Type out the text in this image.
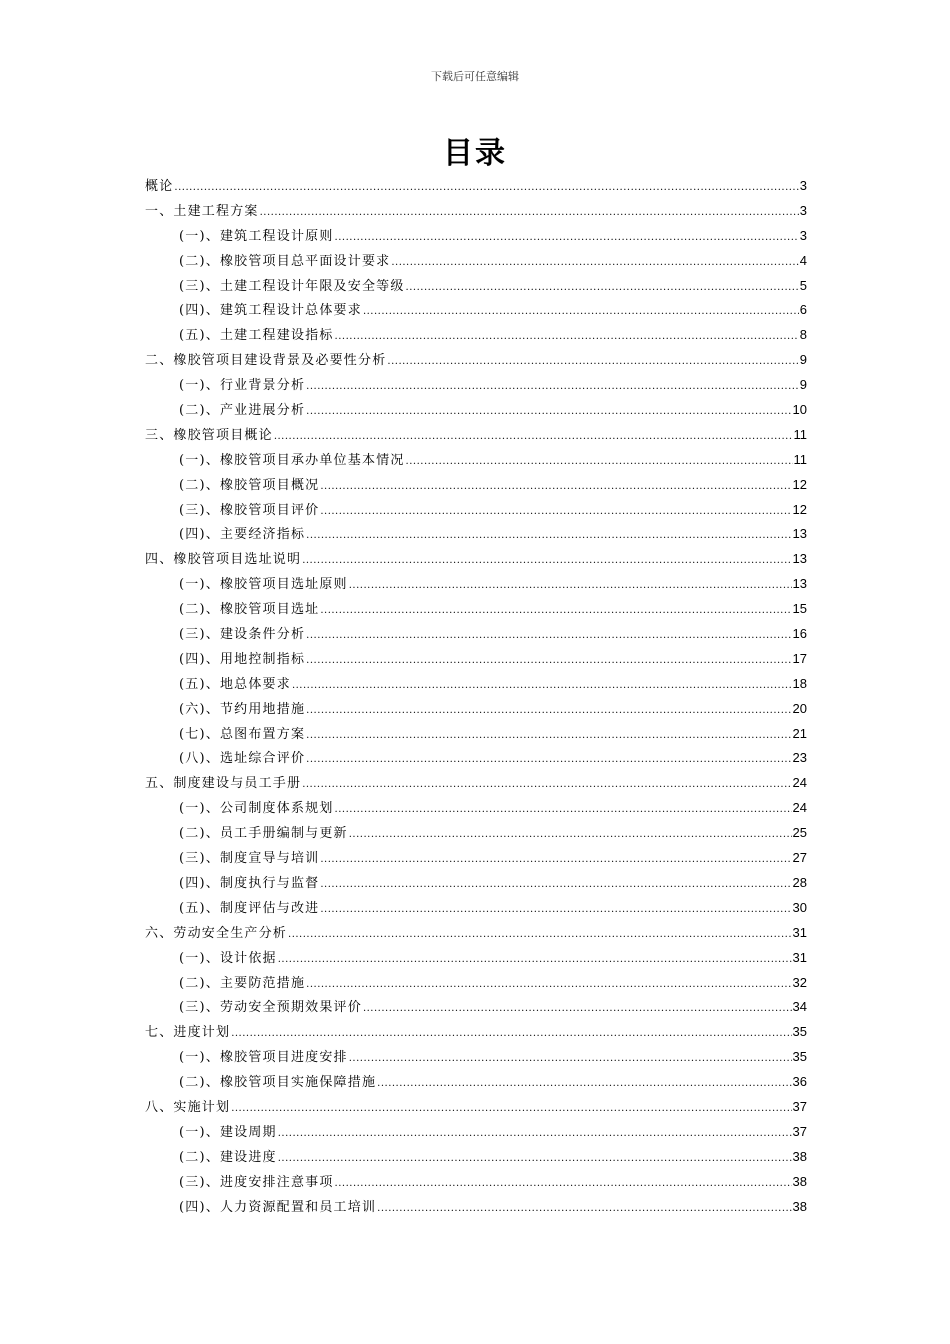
下载后可任意编辑
目录
概论 .....	3
一、土建工程方案 .....	3
(一)、建筑工程设计原则 .....	3
(二)、橡胶管项目总平面设计要求 .....	4
(三)、土建工程设计年限及安全等级 .....	5
(四)、建筑工程设计总体要求 .....	6
(五)、土建工程建设指标 .....	8
二、橡胶管项目建设背景及必要性分析 .....	9
(一)、行业背景分析 .....	9
(二)、产业进展分析 .....	10
三、橡胶管项目概论 .....	11
(一)、橡胶管项目承办单位基本情况 .....	11
(二)、橡胶管项目概况 .....	12
(三)、橡胶管项目评价 .....	12
(四)、主要经济指标 .....	13
四、橡胶管项目选址说明 .....	13
(一)、橡胶管项目选址原则 .....	13
(二)、橡胶管项目选址 .....	15
(三)、建设条件分析 .....	16
(四)、用地控制指标 .....	17
(五)、地总体要求 .....	18
(六)、节约用地措施 .....	20
(七)、总图布置方案 .....	21
(八)、选址综合评价 .....	23
五、制度建设与员工手册 .....	24
(一)、公司制度体系规划 .....	24
(二)、员工手册编制与更新 .....	25
(三)、制度宣导与培训 .....	27
(四)、制度执行与监督 .....	28
(五)、制度评估与改进 .....	30
六、劳动安全生产分析 .....	31
(一)、设计依据 .....	31
(二)、主要防范措施 .....	32
(三)、劳动安全预期效果评价 .....	34
七、进度计划 .....	35
(一)、橡胶管项目进度安排 .....	35
(二)、橡胶管项目实施保障措施 .....	36
八、实施计划 .....	37
(一)、建设周期 .....	37
(二)、建设进度 .....	38
(三)、进度安排注意事项 .....	38
(四)、人力资源配置和员工培训 .....	38
